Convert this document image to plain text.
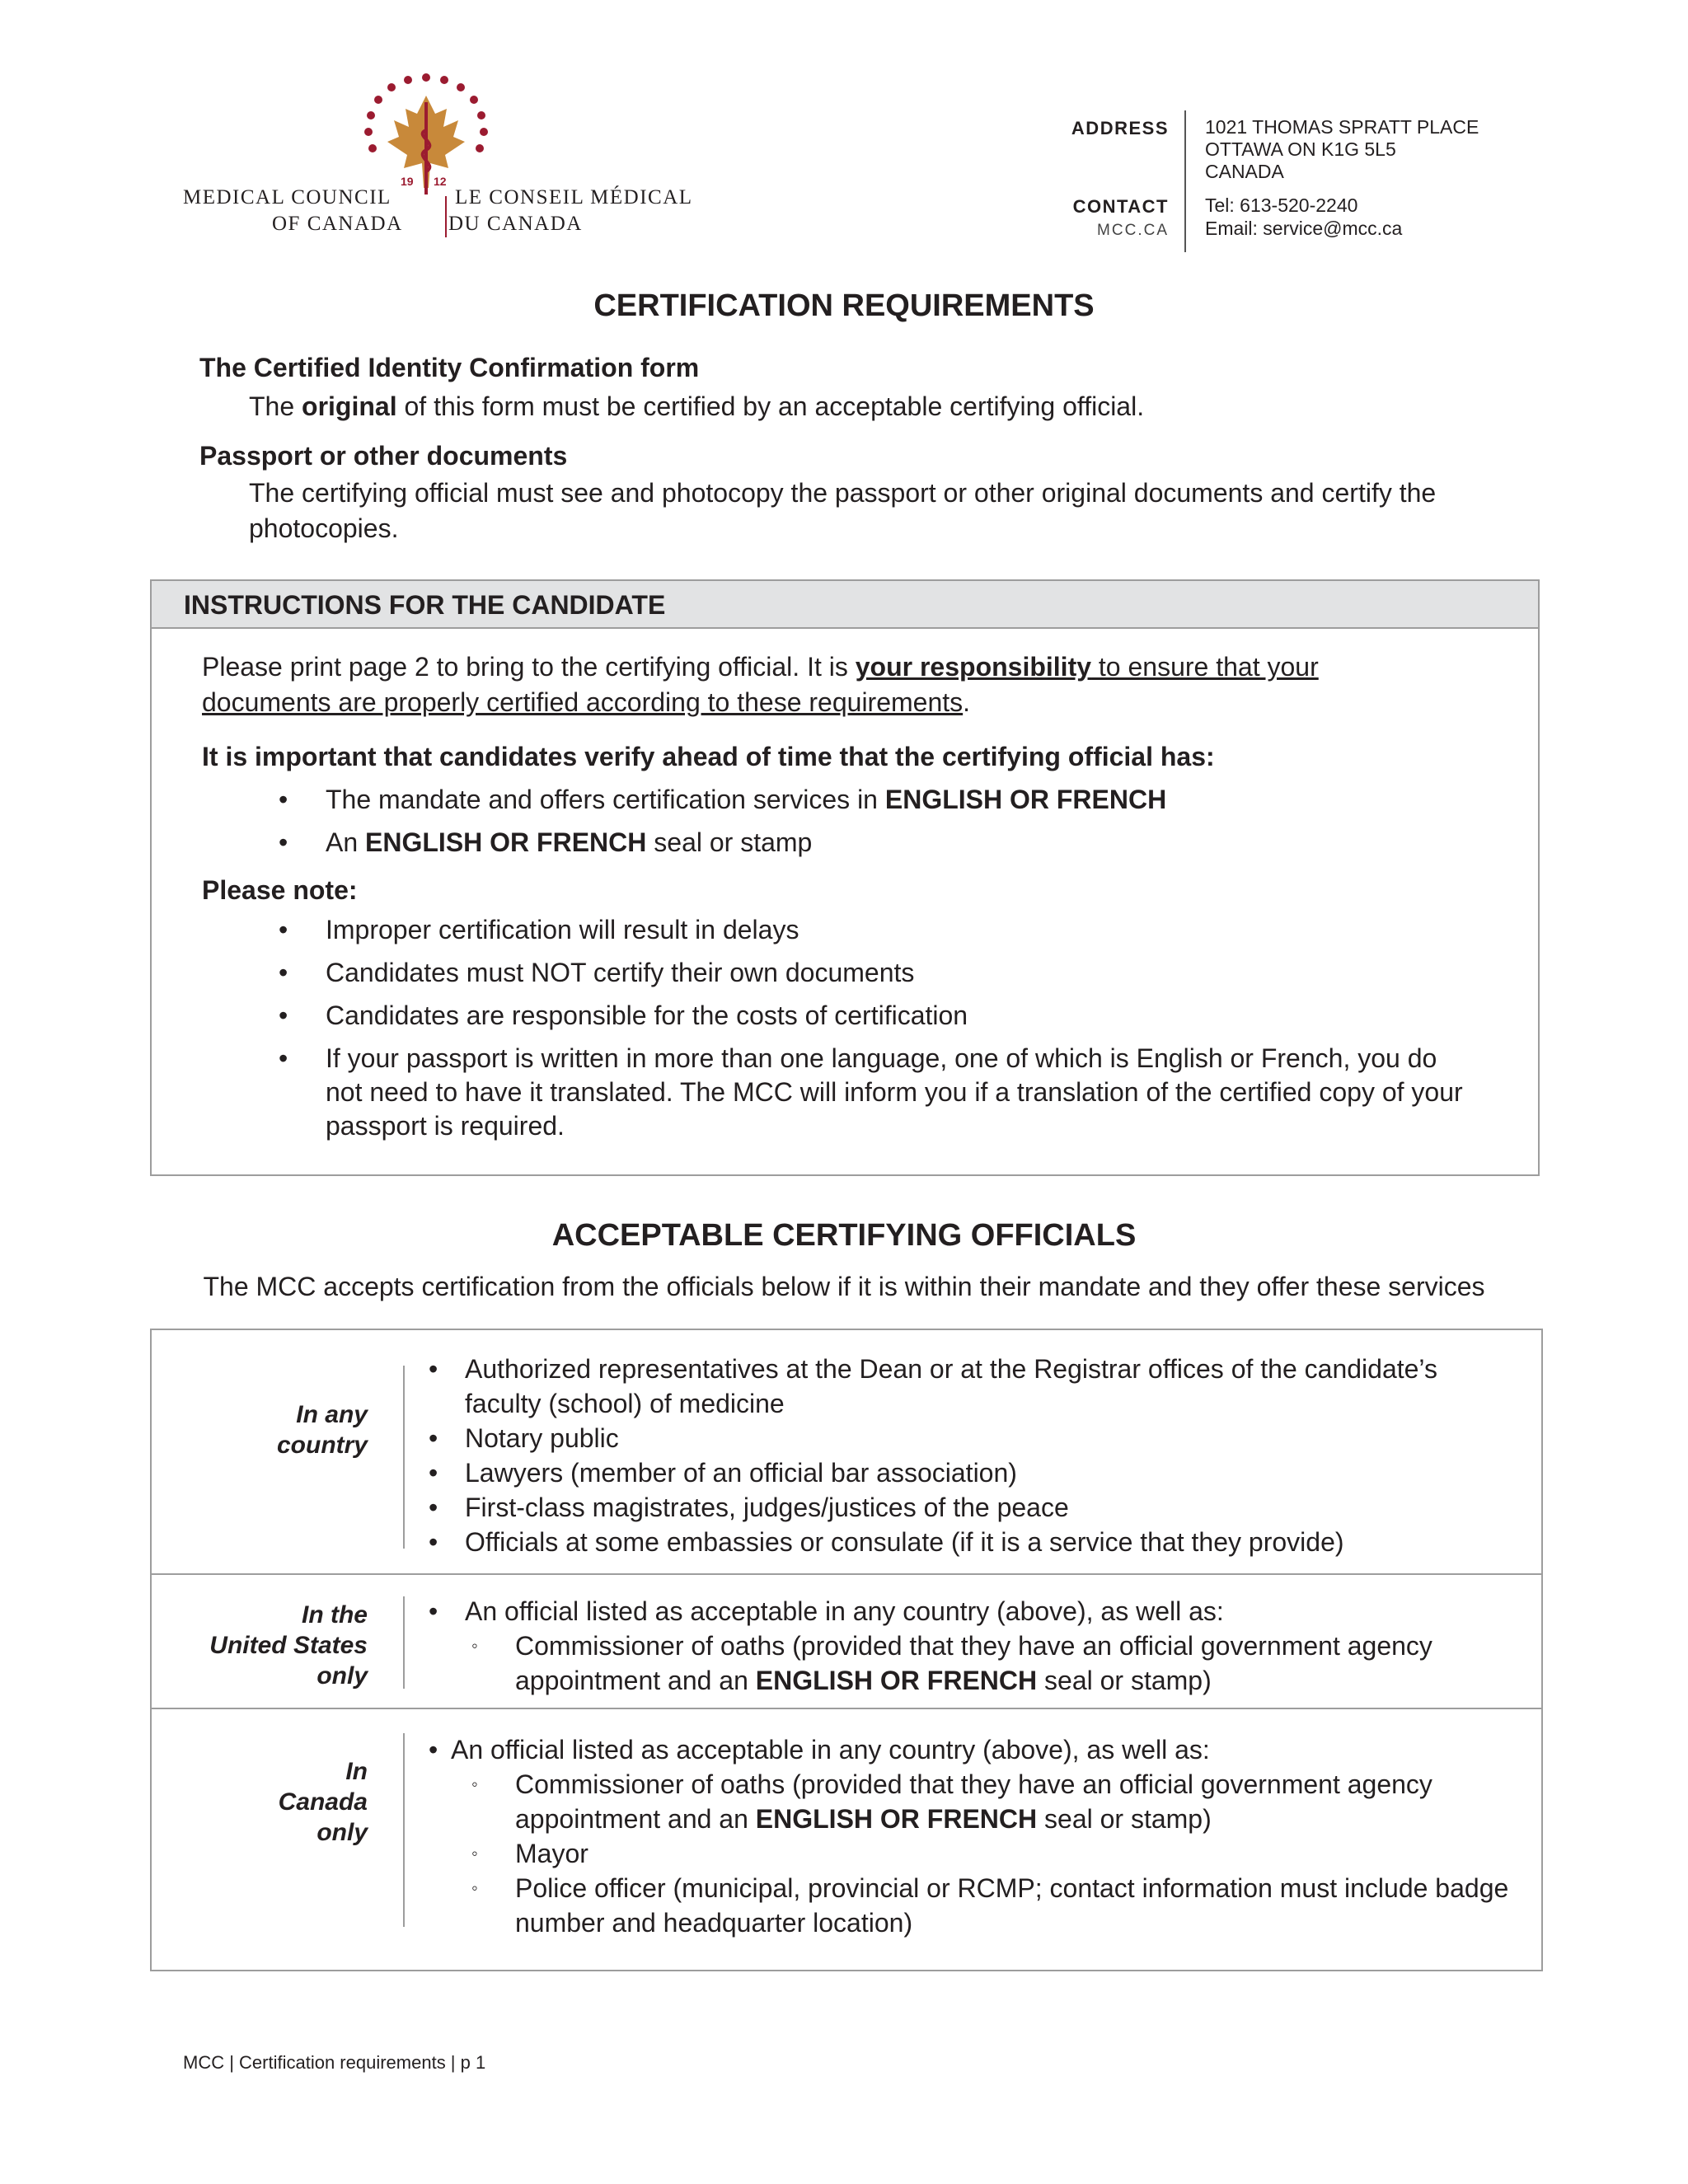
19 12
MEDICAL COUNCIL
OF CANADA
LE CONSEIL MÉDICAL
DU CANADA
ADDRESS 1021 THOMAS SPRATT PLACE
OTTAWA ON K1G 5L5
CANADA
CONTACT
MCC.CA
Tel: 613-520-2240
Email: service@mcc.ca
CERTIFICATION REQUIREMENTS
The Certified Identity Confirmation form
The original of this form must be certified by an acceptable certifying official.
Passport or other documents
The certifying official must see and photocopy the passport or other original documents and certify the photocopies.
INSTRUCTIONS FOR THE CANDIDATE
Please print page 2 to bring to the certifying official. It is your responsibility to ensure that your
documents are properly certified according to these requirements.
It is important that candidates verify ahead of time that the certifying official has:
• The mandate and offers certification services in ENGLISH OR FRENCH
• An ENGLISH OR FRENCH seal or stamp
Please note:
• Improper certification will result in delays
• Candidates must NOT certify their own documents
• Candidates are responsible for the costs of certification
• If your passport is written in more than one language, one of which is English or French, you do not need to have it translated. The MCC will inform you if a translation of the certified copy of your passport is required.
ACCEPTABLE CERTIFYING OFFICIALS
The MCC accepts certification from the officials below if it is within their mandate and they offer these services
In any
country
• Authorized representatives at the Dean or at the Registrar offices of the candidate’s faculty (school) of medicine
• Notary public
• Lawyers (member of an official bar association)
• First-class magistrates, judges/justices of the peace
• Officials at some embassies or consulate (if it is a service that they provide)
In the
United States
only
• An official listed as acceptable in any country (above), as well as:
◦ Commissioner of oaths (provided that they have an official government agency appointment and an ENGLISH OR FRENCH seal or stamp)
In
Canada
only
• An official listed as acceptable in any country (above), as well as:
◦ Commissioner of oaths (provided that they have an official government agency appointment and an ENGLISH OR FRENCH seal or stamp)
◦ Mayor
◦ Police officer (municipal, provincial or RCMP; contact information must include badge number and headquarter location)
MCC | Certification requirements | p 1
